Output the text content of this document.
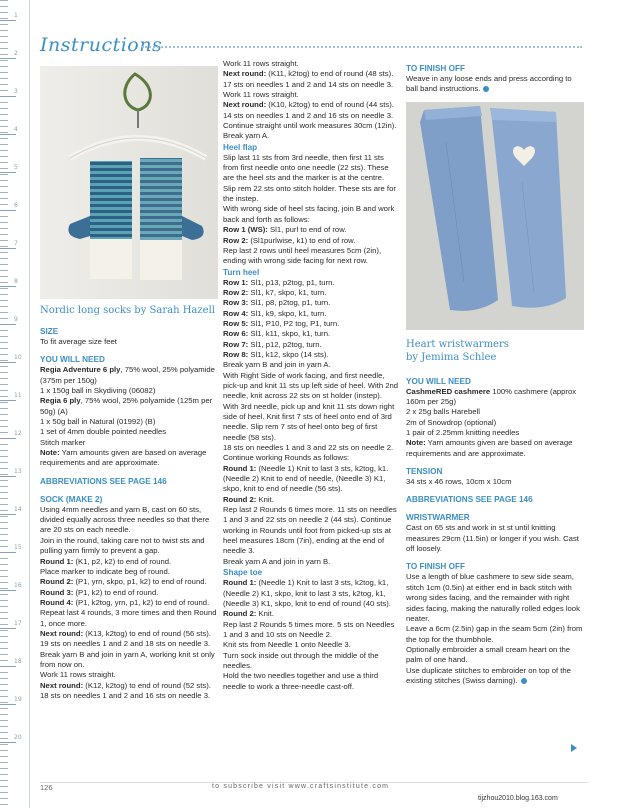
1
2
3
4
5
6
7
8
9
10
11
12
13
14
15
16
17
18
19
20
Instructions
Nordic long socks by Sarah Hazell
SIZE

To fit average size feet

YOU WILL NEED

Regia Adventure 6 ply, 75% wool, 25% polyamide (375m per 150g)

1 x 150g ball in Skydiving (06082)

Regia 6 ply, 75% wool, 25% polyamide (125m per 50g) (A)

1 x 50g ball in Natural (01992) (B)

1 set of 4mm double pointed needles

Stitch marker

Note: Yarn amounts given are based on average requirements and are approximate.

ABBREVIATIONS SEE PAGE 146
SOCK (MAKE 2)

Using 4mm needles and yarn B, cast on 60 sts, divided equally across three needles so that there are 20 sts on each needle.

Join in the round, taking care not to twist sts and pulling yarn firmly to prevent a gap.

Round 1: (K1, p2, k2) to end of round.

Place marker to indicate beg of round.

Round 2: (P1, yrn, skpo, p1, k2) to end of round.

Round 3: (P1, k2) to end of round.

Round 4: (P1, k2tog, yrn, p1, k2) to end of round.

Repeat last 4 rounds, 3 more times and then Round 1, once more.

Next round: (K13, k2tog) to end of round (56 sts).

19 sts on needles 1 and 2 and 18 sts on needle 3. Break yarn B and join in yarn A, working knit st only from now on.

Work 11 rows straight.

Next round: (K12, k2tog) to end of round (52 sts).

18 sts on needles 1 and 2 and 16 sts on needle 3.

Work 11 rows straight.

Next round: (K11, k2tog) to end of round (48 sts).

17 sts on needles 1 and 2 and 14 sts on needle 3. Work 11 rows straight.

Next round: (K10, k2tog) to end of round (44 sts).

14 sts on needles 1 and 2 and 16 sts on needle 3. Continue straight until work measures 30cm (12in).

Break yarn A.

Heel flap

Slip last 11 sts from 3rd needle, then first 11 sts from first needle onto one needle (22 sts). These are the heel sts and the marker is at the centre.

Slip rem 22 sts onto stitch holder. These sts are for the instep.

With wrong side of heel sts facing, join B and work back and forth as follows:

Row 1 (WS): Sl1, purl to end of row.

Row 2: (Sl1purlwise, k1) to end of row.

Rep last 2 rows until heel measures 5cm (2in), ending with wrong side facing for next row.

Turn heel

Row 1: Sl1, p13, p2tog, p1, turn.

Row 2: Sl1, k7, skpo, k1, turn.

Row 3: Sl1, p8, p2tog, p1, turn.

Row 4: Sl1, k9, skpo, k1, turn.

Row 5: Sl1, P10, P2 tog, P1, turn.

Row 6: Sl1, k11, skpo, k1, turn.

Row 7: Sl1, p12, p2tog, turn.

Row 8: Sl1, k12, skpo (14 sts).

Break yarn B and join in yarn A.

With Right Side of work facing, and first needle, pick-up and knit 11 sts up left side of heel. With 2nd needle, knit across 22 sts on st holder (instep). With 3rd needle, pick up and knit 11 sts down right side of heel. Knit first 7 sts of heel onto end of 3rd needle. Slip rem 7 sts of heel onto beg of first needle (58 sts).

18 sts on needles 1 and 3 and 22 sts on needle 2. Continue working Rounds as follows:

Round 1: (Needle 1) Knit to last 3 sts, k2tog, k1. (Needle 2) Knit to end of needle, (Needle 3) K1, skpo, knit to end of needle (56 sts).

Round 2: Knit.

Rep last 2 Rounds 6 times more. 11 sts on needles 1 and 3 and 22 sts on needle 2 (44 sts). Continue working in Rounds until foot from picked-up sts at heel measures 18cm (7in), ending at the end of needle 3.

Break yarn A and join in yarn B.

Shape toe

Round 1: (Needle 1) Knit to last 3 sts, k2tog, k1, (Needle 2) K1, skpo, knit to last 3 sts, k2tog, k1, (Needle 3) K1, skpo, knit to end of round (40 sts).

Round 2: Knit.

Rep last 2 Rounds 5 times more. 5 sts on Needles 1 and 3 and 10 sts on Needle 2.

Knit sts from Needle 1 onto Needle 3.

Turn sock inside out through the middle of the needles.

Hold the two needles together and use a third needle to work a three-needle cast-off.

TO FINISH OFF

Weave in any loose ends and press according to ball band instructions.

Heart wristwarmers
by Jemima Schlee
YOU WILL NEED

CashmeRED cashmere 100% cashmere (approx 160m per 25g)

2 x 25g balls Harebell

2m of Snowdrop (optional)

1 pair of 2.25mm knitting needles

Note: Yarn amounts given are based on average requirements and are approximate.

TENSION

34 sts x 46 rows, 10cm x 10cm

ABBREVIATIONS SEE PAGE 146
WRISTWARMER

Cast on 65 sts and work in st st until knitting measures 29cm (11.5in) or longer if you wish. Cast off loosely.

TO FINISH OFF

Use a length of blue cashmere to sew side seam, stitch 1cm (0.5in) at either end in back stitch with wrong sides facing, and the remainder with right sides facing, making the naturally rolled edges look neater.

Leave a 6cm (2.5in) gap in the seam 5cm (2in) from the top for the thumbhole.

Optionally embroider a small cream heart on the palm of one hand.

Use duplicate stitches to embroider on top of the existing stitches (Swiss darning).

126	to subscribe visit www.craftsinstitute.com
tijzhou2010.blog.163.com
